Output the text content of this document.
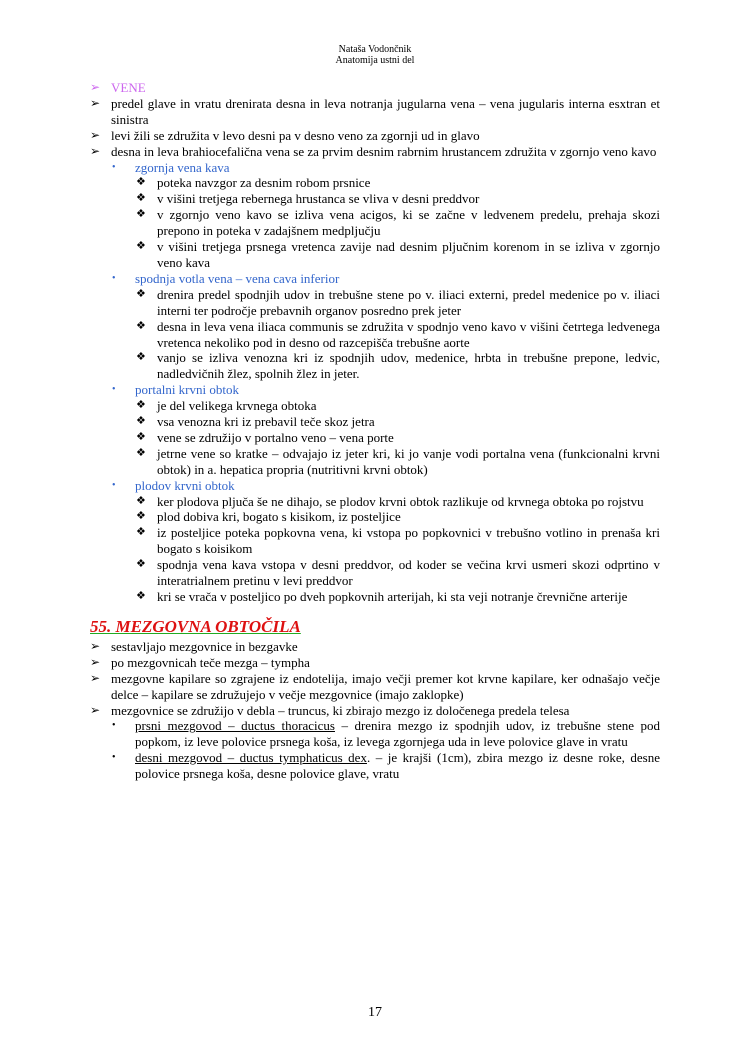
Nataša Vodončnik
Anatomija ustni del
➢ VENE
➢ predel glave in vratu drenirata desna in leva notranja jugularna vena – vena jugularis interna esxtran et sinistra
➢ levi žili se združita v levo desni pa v desno veno za zgornji ud in glavo
➢ desna in leva brahiocefalična vena se za prvim desnim rabrnim hrustancem združita v zgornjo veno kavo
• zgornja vena kava
❖ poteka navzgor za desnim robom prsnice
❖ v višini tretjega rebernega hrustanca se vliva v desni preddvor
❖ v zgornjo veno kavo se izliva vena acigos, ki se začne v ledvenem predelu, prehaja skozi prepono in poteka v zadajšnem medpljučju
❖ v višini tretjega prsnega vretenca zavije nad desnim pljučnim korenom in se izliva v zgornjo veno kava
• spodnja votla vena – vena cava inferior
❖ drenira predel spodnjih udov in trebušne stene po v. iliaci externi, predel medenice po v. iliaci interni ter področje prebavnih organov posredno prek jeter
❖ desna in leva vena iliaca communis se združita v spodnjo veno kavo v višini četrtega ledvenega vretenca nekoliko pod in desno od razcepišča trebušne aorte
❖ vanjo se izliva venozna kri iz spodnjih udov, medenice, hrbta in trebušne prepone, ledvic, nadledvičnih žlez, spolnih žlez in jeter.
• portalni krvni obtok
❖ je del velikega krvnega obtoka
❖ vsa venozna kri iz prebavil teče skoz jetra
❖ vene se združijo v portalno veno – vena porte
❖ jetrne vene so kratke – odvajajo iz jeter kri, ki jo vanje vodi portalna vena (funkcionalni krvni obtok) in a. hepatica propria (nutritivni krvni obtok)
• plodov krvni obtok
❖ ker plodova pljuča še ne dihajo, se plodov krvni obtok razlikuje od krvnega obtoka po rojstvu
❖ plod dobiva kri, bogato s kisikom, iz posteljice
❖ iz posteljice poteka popkovna vena, ki vstopa po popkovnici v trebušno votlino in prenaša kri bogato s koisikom
❖ spodnja vena kava vstopa v desni preddvor, od koder se večina krvi usmeri skozi odprtino v interatrialnem pretinu v levi preddvor
❖ kri se vrača v posteljico po dveh popkovnih arterijah, ki sta veji notranje črevnične arterije
55. MEZGOVNA OBTOČILA
➢ sestavljajo mezgovnice in bezgavke
➢ po mezgovnicah teče mezga – tympha
➢ mezgovne kapilare so zgrajene iz endotelija, imajo večji premer kot krvne kapilare, ker odnašajo večje delce – kapilare se združujejo v večje mezgovnice (imajo zaklopke)
➢ mezgovnice se združijo v debla – truncus, ki zbirajo mezgo iz določenega predela telesa
• prsni mezgovod – ductus thoracicus – drenira mezgo iz spodnjih udov, iz trebušne stene pod popkom, iz leve polovice prsnega koša, iz levega zgornjega uda in leve polovice glave in vratu
• desni mezgovod – ductus tymphaticus dex. – je krajši (1cm), zbira mezgo iz desne roke, desne polovice prsnega koša, desne polovice glave, vratu
17
